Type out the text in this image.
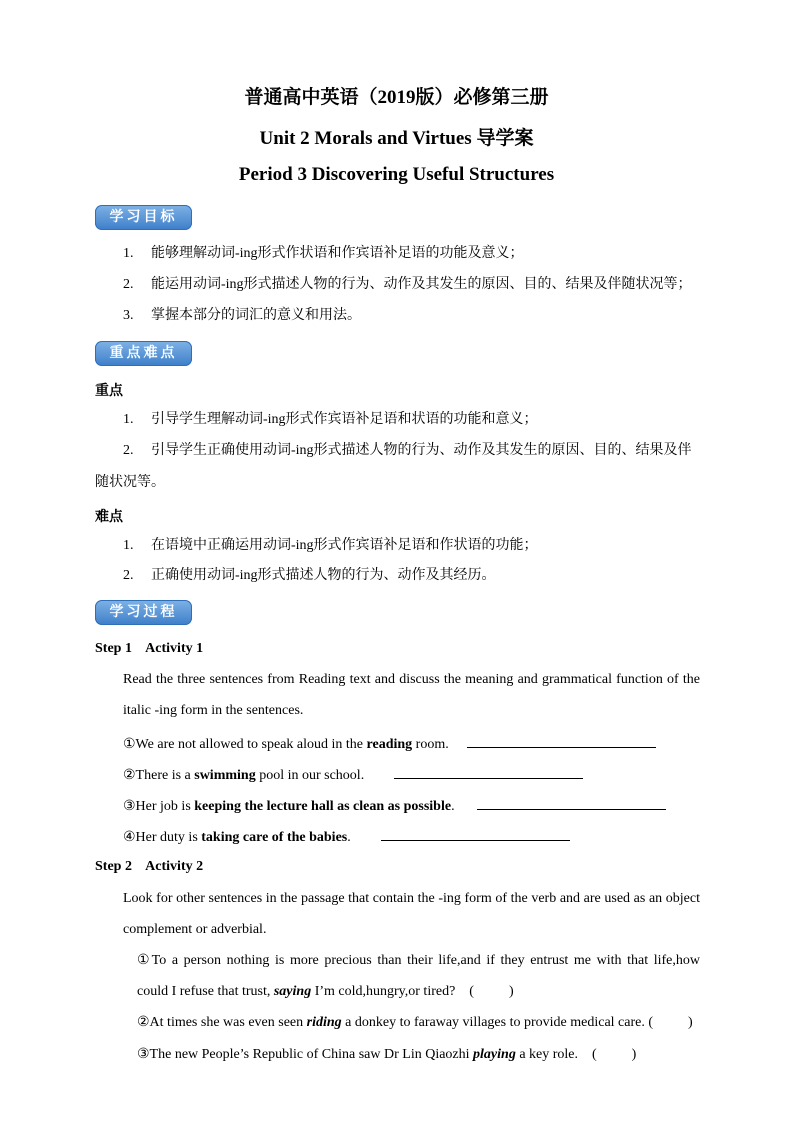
普通高中英语（2019版）必修第三册
Unit 2 Morals and Virtues 导学案
Period 3 Discovering Useful Structures
学习目标
1. 能够理解动词-ing形式作状语和作宾语补足语的功能及意义；
2. 能运用动词-ing形式描述人物的行为、动作及其发生的原因、目的、结果及伴随状况等；
3. 掌握本部分的词汇的意义和用法。
重点难点
重点
1. 引导学生理解动词-ing形式作宾语补足语和状语的功能和意义；
2. 引导学生正确使用动词-ing形式描述人物的行为、动作及其发生的原因、目的、结果及伴
随状况等。
难点
1. 在语境中正确运用动词-ing形式作宾语补足语和作状语的功能；
2. 正确使用动词-ing形式描述人物的行为、动作及其经历。
学习过程
Step 1    Activity 1
Read the three sentences from Reading text and discuss the meaning and grammatical function of the
italic -ing form in the sentences.
①We are not allowed to speak aloud in the reading room.
②There is a swimming pool in our school.
③Her job is keeping the lecture hall as clean as possible.
④Her duty is taking care of the babies.
Step 2    Activity 2
Look for other sentences in the passage that contain the -ing form of the verb and are used as an object
complement or adverbial.
①To a person nothing is more precious than their life,and if they entrust me with that life,how
could I refuse that trust, saying I’m cold,hungry,or tired?    (          )
②At times she was even seen riding a donkey to faraway villages to provide medical care. (          )
③The new People’s Republic of China saw Dr Lin Qiaozhi playing a key role.    (          )
